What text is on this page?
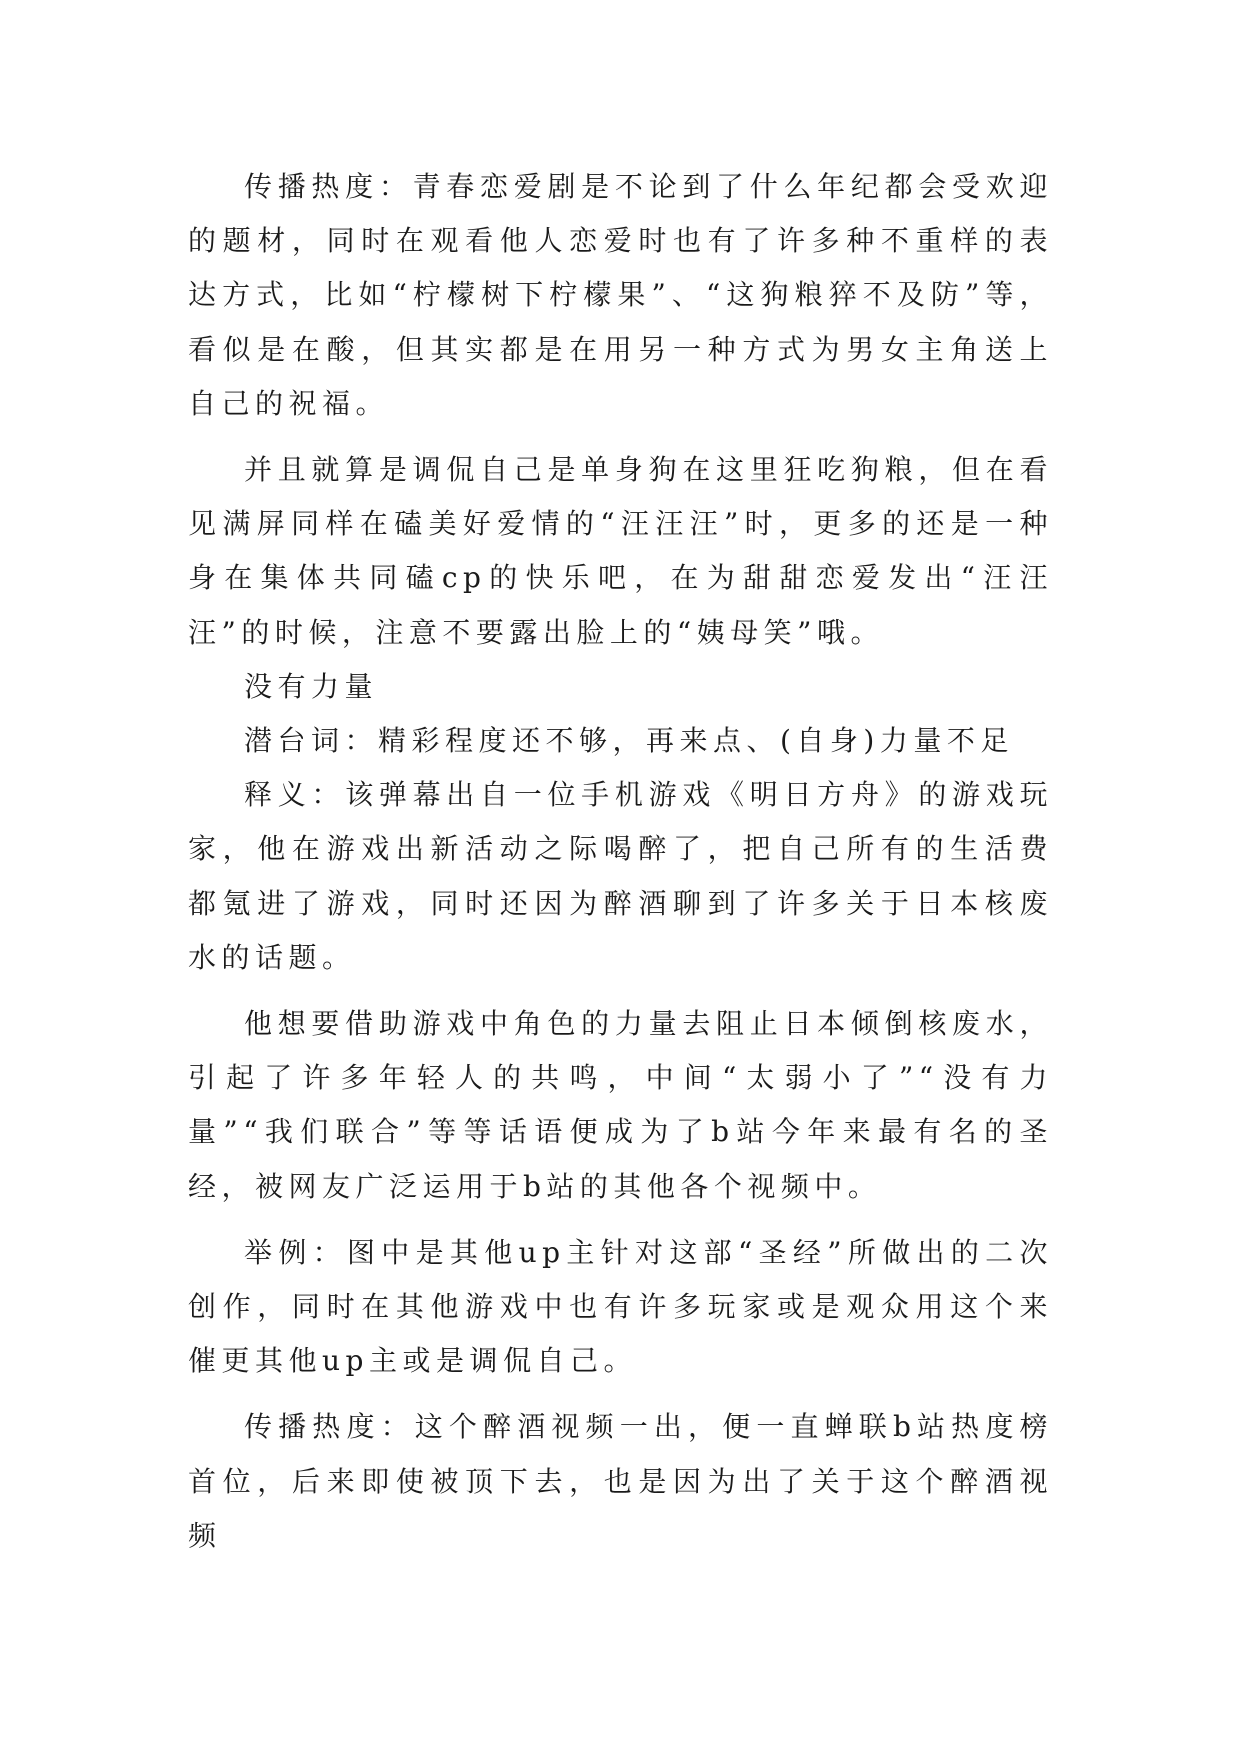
传播热度：青春恋爱剧是不论到了什么年纪都会受欢迎的题材，同时在观看他人恋爱时也有了许多种不重样的表达方式，比如“柠檬树下柠檬果”、“这狗粮猝不及防”等，看似是在酸，但其实都是在用另一种方式为男女主角送上自己的祝福。

并且就算是调侃自己是单身狗在这里狂吃狗粮，但在看见满屏同样在磕美好爱情的“汪汪汪”时，更多的还是一种身在集体共同磕cp的快乐吧，在为甜甜恋爱发出“汪汪汪”的时候，注意不要露出脸上的“姨母笑”哦。

没有力量

潜台词：精彩程度还不够，再来点、(自身)力量不足

释义：该弹幕出自一位手机游戏《明日方舟》的游戏玩家，他在游戏出新活动之际喝醉了，把自己所有的生活费都氪进了游戏，同时还因为醉酒聊到了许多关于日本核废水的话题。

他想要借助游戏中角色的力量去阻止日本倾倒核废水，引起了许多年轻人的共鸣，中间“太弱小了”“没有力量”“我们联合”等等话语便成为了b站今年来最有名的圣经，被网友广泛运用于b站的其他各个视频中。

举例：图中是其他up主针对这部“圣经”所做出的二次创作，同时在其他游戏中也有许多玩家或是观众用这个来催更其他up主或是调侃自己。

传播热度：这个醉酒视频一出，便一直蝉联b站热度榜首位，后来即使被顶下去，也是因为出了关于这个醉酒视频
